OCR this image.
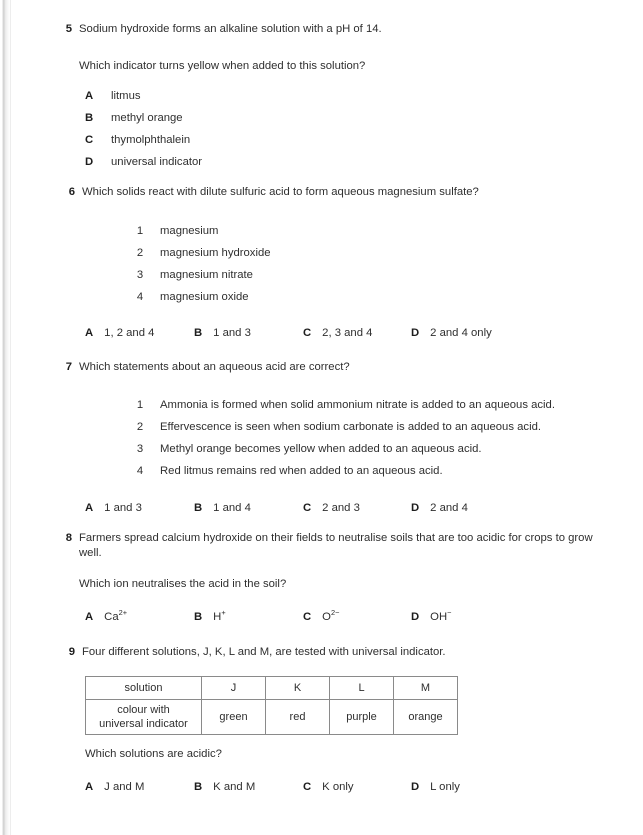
5 Sodium hydroxide forms an alkaline solution with a pH of 14.
Which indicator turns yellow when added to this solution?
A litmus
B methyl orange
C thymolphthalein
D universal indicator
6 Which solids react with dilute sulfuric acid to form aqueous magnesium sulfate?
1 magnesium
2 magnesium hydroxide
3 magnesium nitrate
4 magnesium oxide
A 1, 2 and 4	B 1 and 3	C 2, 3 and 4	D 2 and 4 only
7 Which statements about an aqueous acid are correct?
1 Ammonia is formed when solid ammonium nitrate is added to an aqueous acid.
2 Effervescence is seen when sodium carbonate is added to an aqueous acid.
3 Methyl orange becomes yellow when added to an aqueous acid.
4 Red litmus remains red when added to an aqueous acid.
A 1 and 3	B 1 and 4	C 2 and 3	D 2 and 4
8 Farmers spread calcium hydroxide on their fields to neutralise soils that are too acidic for crops to grow well.
Which ion neutralises the acid in the soil?
A $Ca^{2+}$	B H+	C $O^{2-}$	D OH−
9 Four different solutions, J, K, L and M, are tested with universal indicator.
solution	J	K	L	M

colour with
universal indicator	green	red	purple	orange
Which solutions are acidic?
A J and M	B K and M	C K only	D L only
